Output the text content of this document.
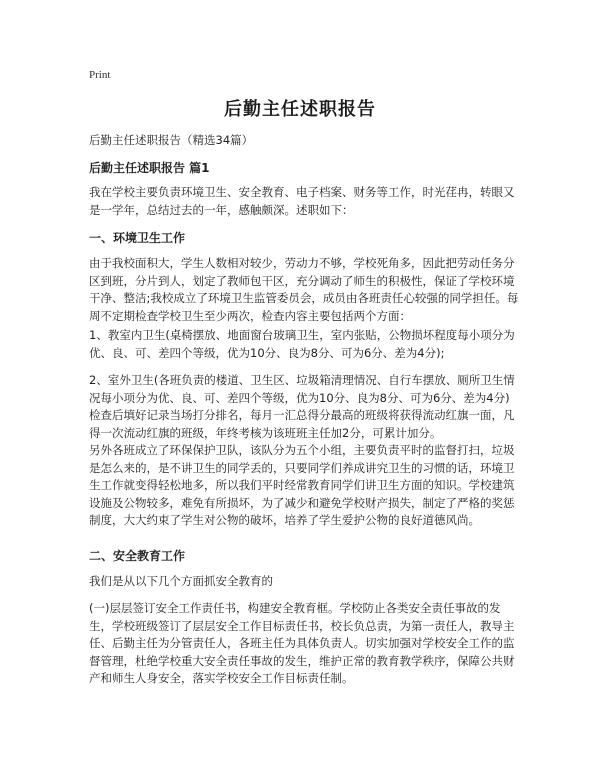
Print
后勤主任述职报告
后勤主任述职报告（精选34篇）
后勤主任述职报告 篇1
我在学校主要负责环境卫生、安全教育、电子档案、财务等工作，时光荏冉，转眼又是一学年，总结过去的一年，感触颇深。述职如下：
一、环境卫生工作
由于我校面积大，学生人数相对较少，劳动力不够，学校死角多，因此把劳动任务分区到班，分片到人，划定了教师包干区，充分调动了师生的积极性，保证了学校环境干净、整洁;我校成立了环境卫生监管委员会，成员由各班责任心较强的同学担任。每周不定期检查学校卫生至少两次，检查内容主要包括两个方面：
1、教室内卫生(桌椅摆放、地面窗台玻璃卫生，室内张贴，公物损坏程度每小项分为优、良、可、差四个等级，优为10分、良为8分、可为6分、差为4分);
2、室外卫生(各班负责的楼道、卫生区、垃圾箱清理情况、自行车摆放、厕所卫生情况每小项分为优、良、可、差四个等级，优为10分、良为8分、可为6分、差为4分)检查后填好记录当场打分排名，每月一汇总得分最高的班级将获得流动红旗一面，凡得一次流动红旗的班级，年终考核为该班班主任加2分，可累计加分。
另外各班成立了环保保护卫队，该队分为五个小组，主要负责平时的监督打扫，垃圾是怎么来的，是不讲卫生的同学丢的，只要同学们养成讲究卫生的习惯的话，环境卫生工作就变得轻松地多，所以我们平时经常教育同学们讲卫生方面的知识。学校建筑设施及公物较多，难免有所损坏，为了减少和避免学校财产损失，制定了严格的奖惩制度，大大约束了学生对公物的破坏，培养了学生爱护公物的良好道德风尚。
二、安全教育工作
我们是从以下几个方面抓安全教育的
(一)层层签订安全工作责任书，构建安全教育框。学校防止各类安全责任事故的发生，学校班级签订了层层安全工作目标责任书，校长负总责，为第一责任人，教导主任、后勤主任为分管责任人，各班主任为具体负责人。切实加强对学校安全工作的监督管理，杜绝学校重大安全责任事故的发生，维护正常的教育教学秩序，保障公共财产和师生人身安全，落实学校安全工作目标责任制。
